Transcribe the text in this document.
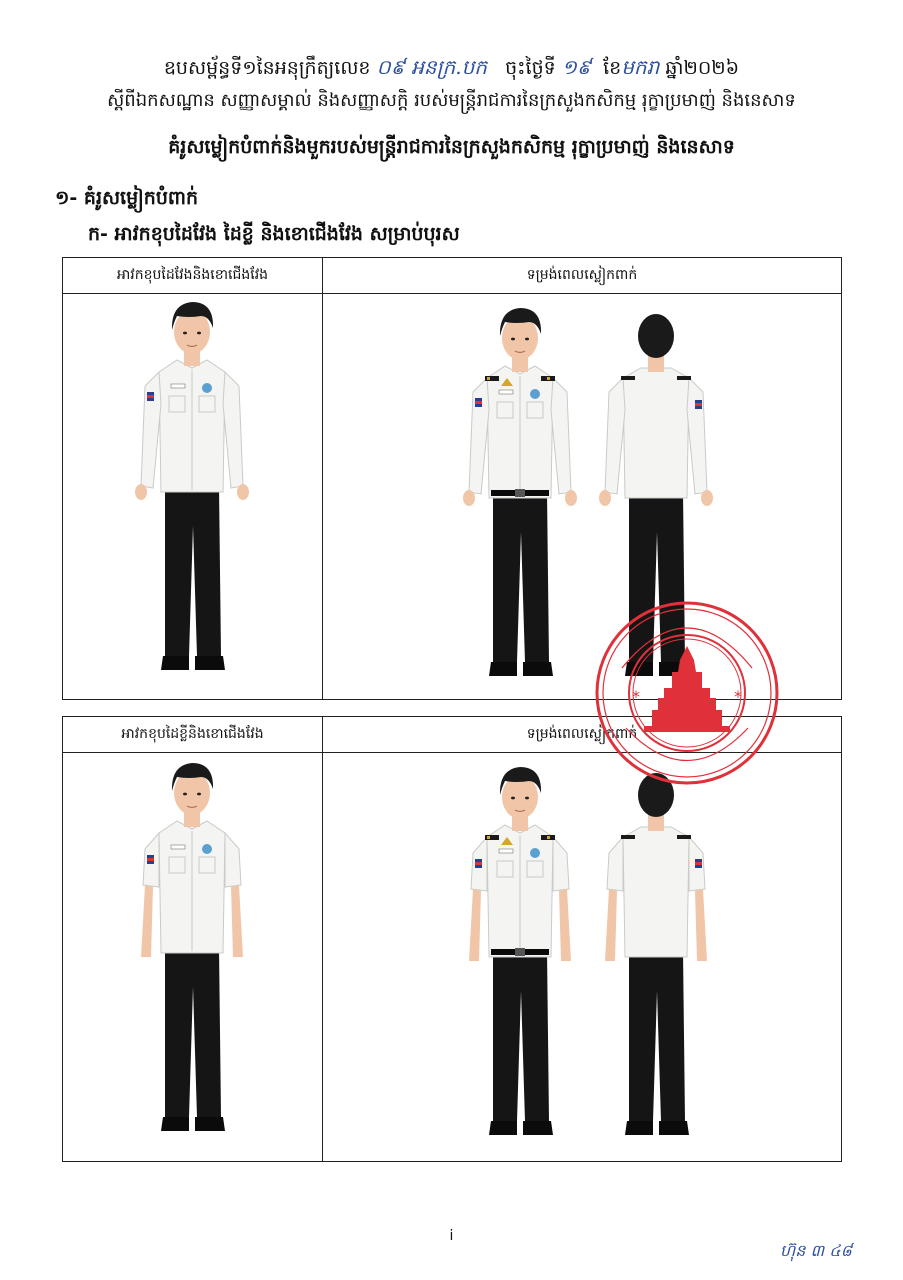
ឧបសម្ព័ន្ធទី១នៃអនុក្រឹត្យលេខ ០៩ អនក្រ.បក ចុះថ្ងៃទី ១៩ ខែមករា ឆ្នាំ២០២៦
ស្ដីពីឯកសណ្ឋាន សញ្ញាសម្គាល់ និងសញ្ញាសក្តិ របស់មន្ត្រីរាជការនៃក្រសួងកសិកម្ម រុក្ខាប្រមាញ់ និងនេសាទ
គំរូសម្លៀកបំពាក់និងមួករបស់មន្ត្រីរាជការនៃក្រសួងកសិកម្ម រុក្ខាប្រមាញ់ និងនេសាទ
១- គំរូសម្លៀកបំពាក់
ក- អាវកខុបដៃវែង ដៃខ្លី និងខោជើងវែង សម្រាប់បុរស
អាវកខុបដៃវែងនិងខោជើងវែង	ទម្រង់ពេលស្លៀកពាក់
អាវកខុបដៃខ្លីនិងខោជើងវែង	ទម្រង់ពេលស្លៀកពាក់
*	*
i
ហ៊ុន ៣ ៤៨
